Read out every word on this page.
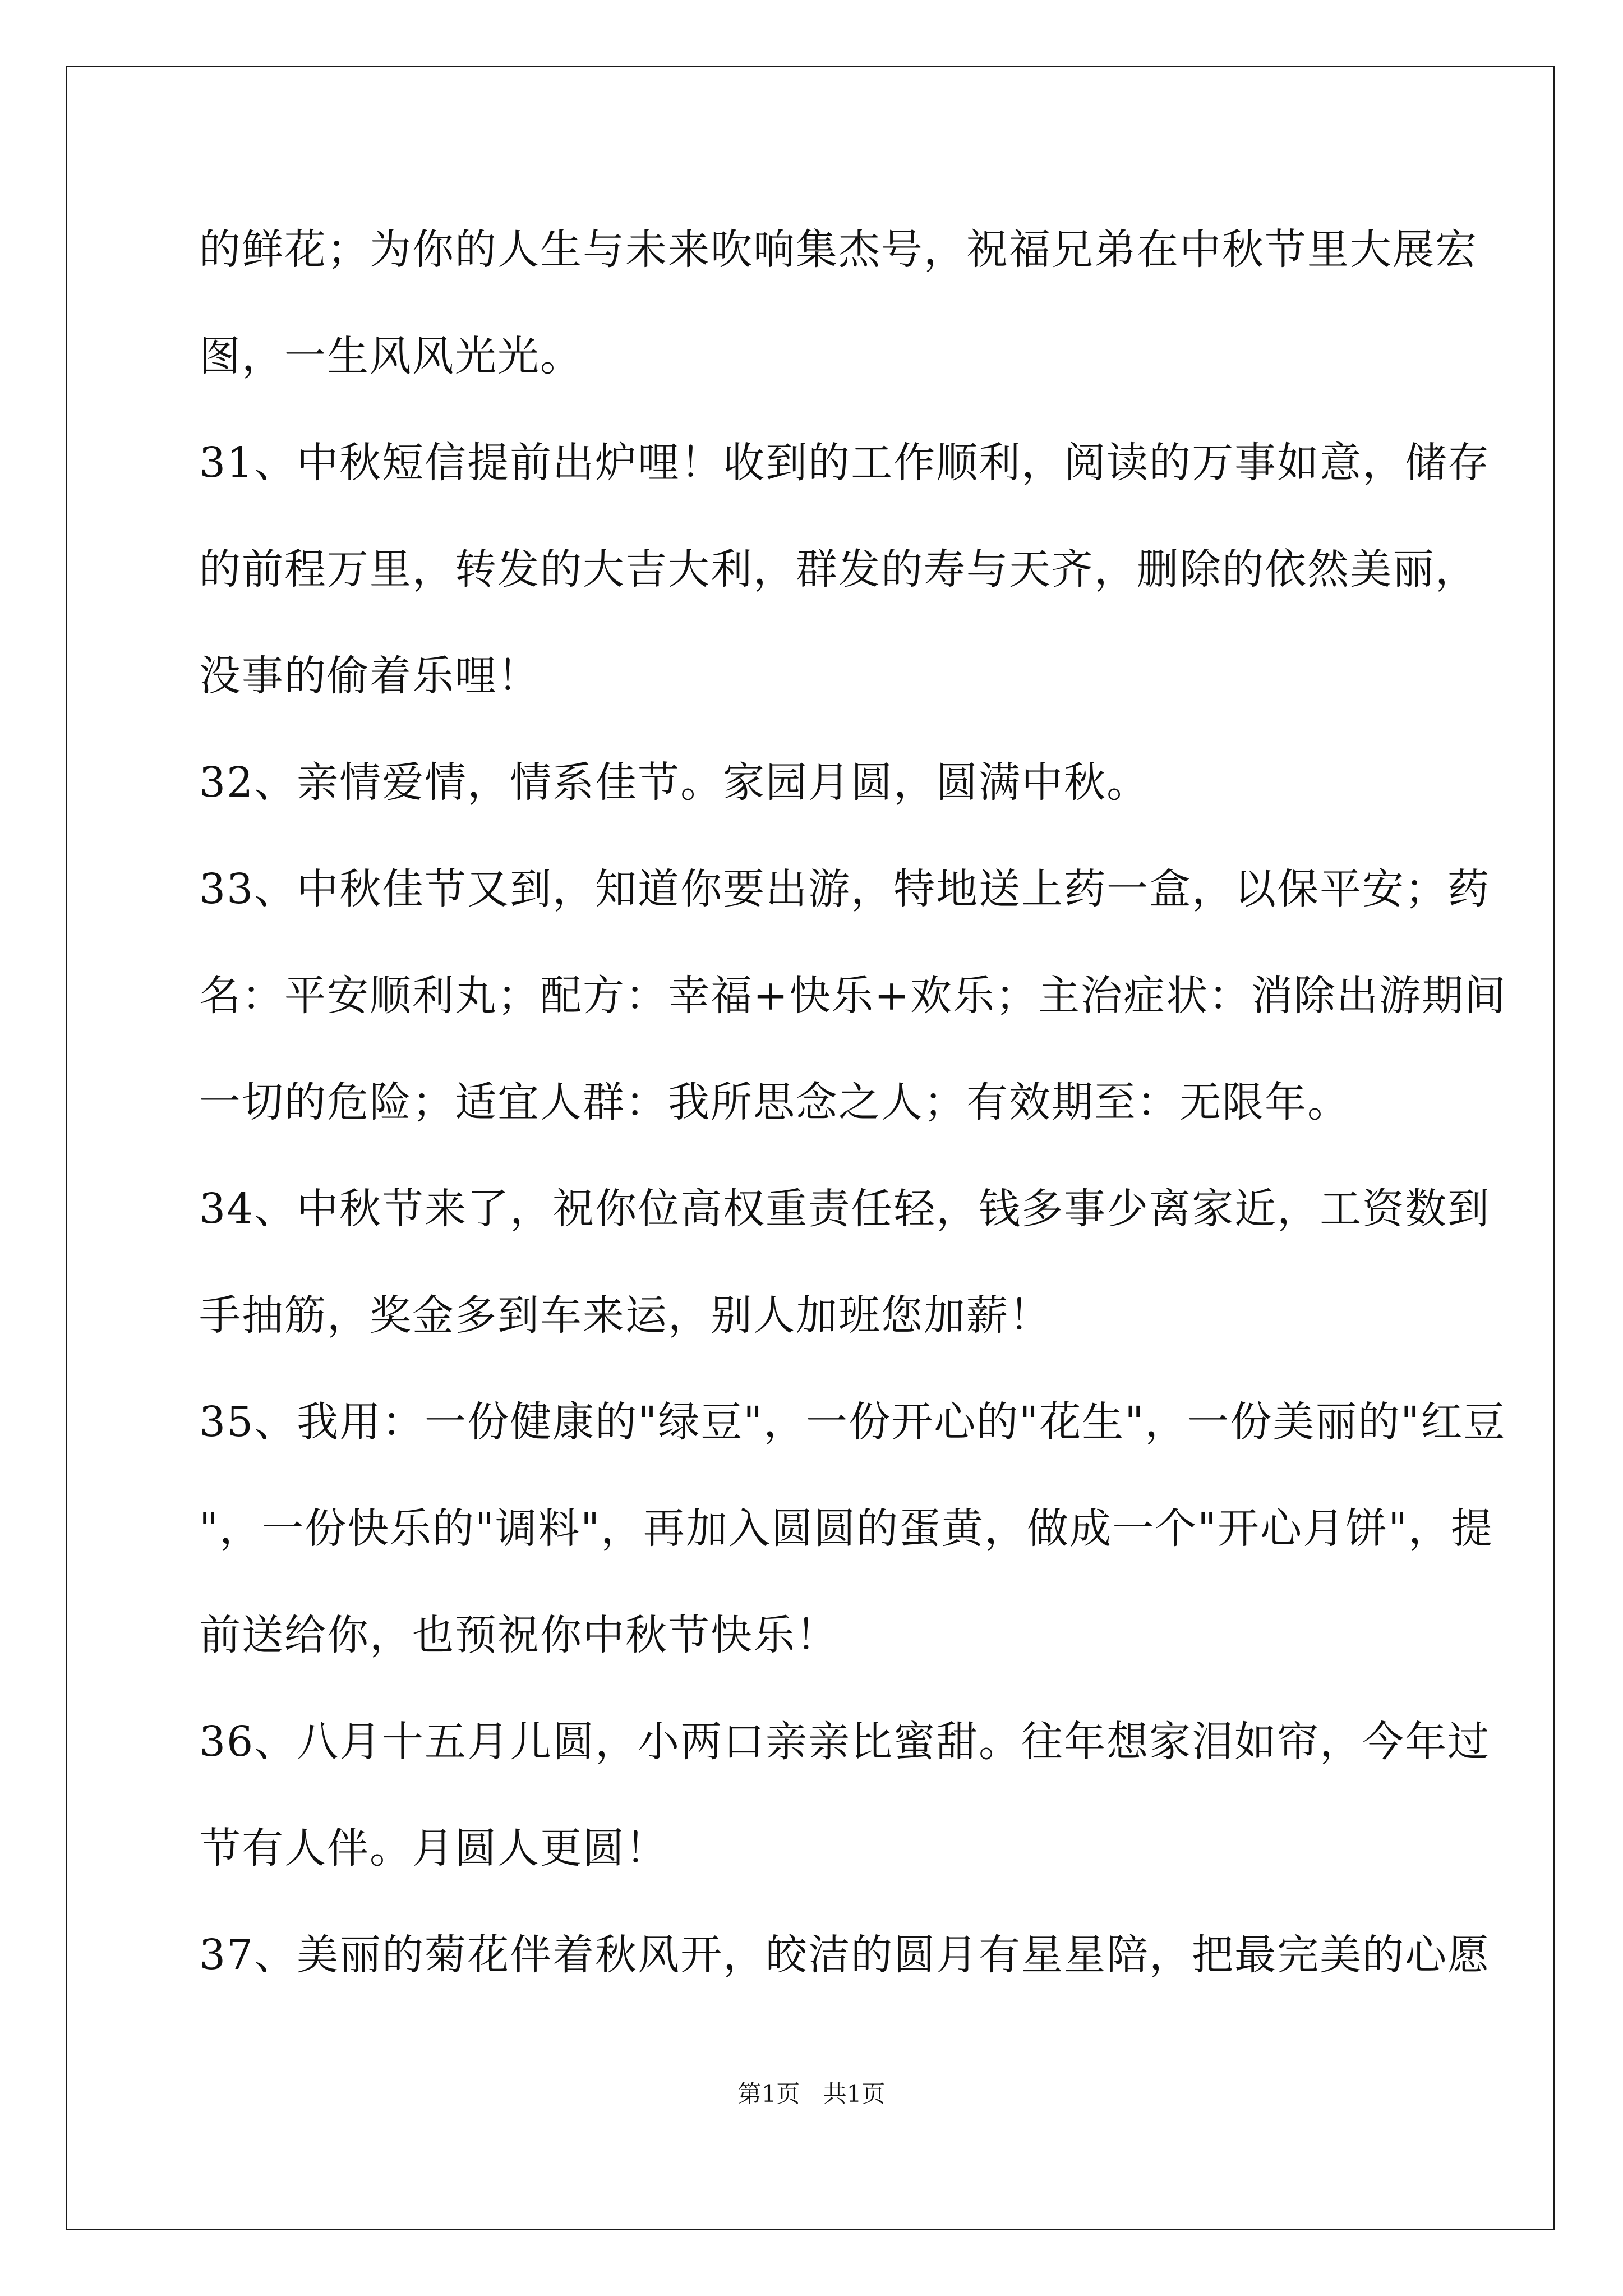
的鲜花；为你的人生与未来吹响集杰号，祝福兄弟在中秋节里大展宏
图，一生风风光光。
31、中秋短信提前出炉哩！收到的工作顺利，阅读的万事如意，储存
的前程万里，转发的大吉大利，群发的寿与天齐，删除的依然美丽，
没事的偷着乐哩！
32、亲情爱情，情系佳节。家园月圆，圆满中秋。
33、中秋佳节又到，知道你要出游，特地送上药一盒，以保平安；药
名：平安顺利丸；配方：幸福+快乐+欢乐；主治症状：消除出游期间
一切的危险；适宜人群：我所思念之人；有效期至：无限年。
34、中秋节来了，祝你位高权重责任轻，钱多事少离家近，工资数到
手抽筋，奖金多到车来运，别人加班您加薪！
35、我用：一份健康的"绿豆"，一份开心的"花生"，一份美丽的"红豆
"，一份快乐的"调料"，再加入圆圆的蛋黄，做成一个"开心月饼"，提
前送给你，也预祝你中秋节快乐！
36、八月十五月儿圆，小两口亲亲比蜜甜。往年想家泪如帘，今年过
节有人伴。月圆人更圆！
37、美丽的菊花伴着秋风开，皎洁的圆月有星星陪，把最完美的心愿
第1页 共1页
